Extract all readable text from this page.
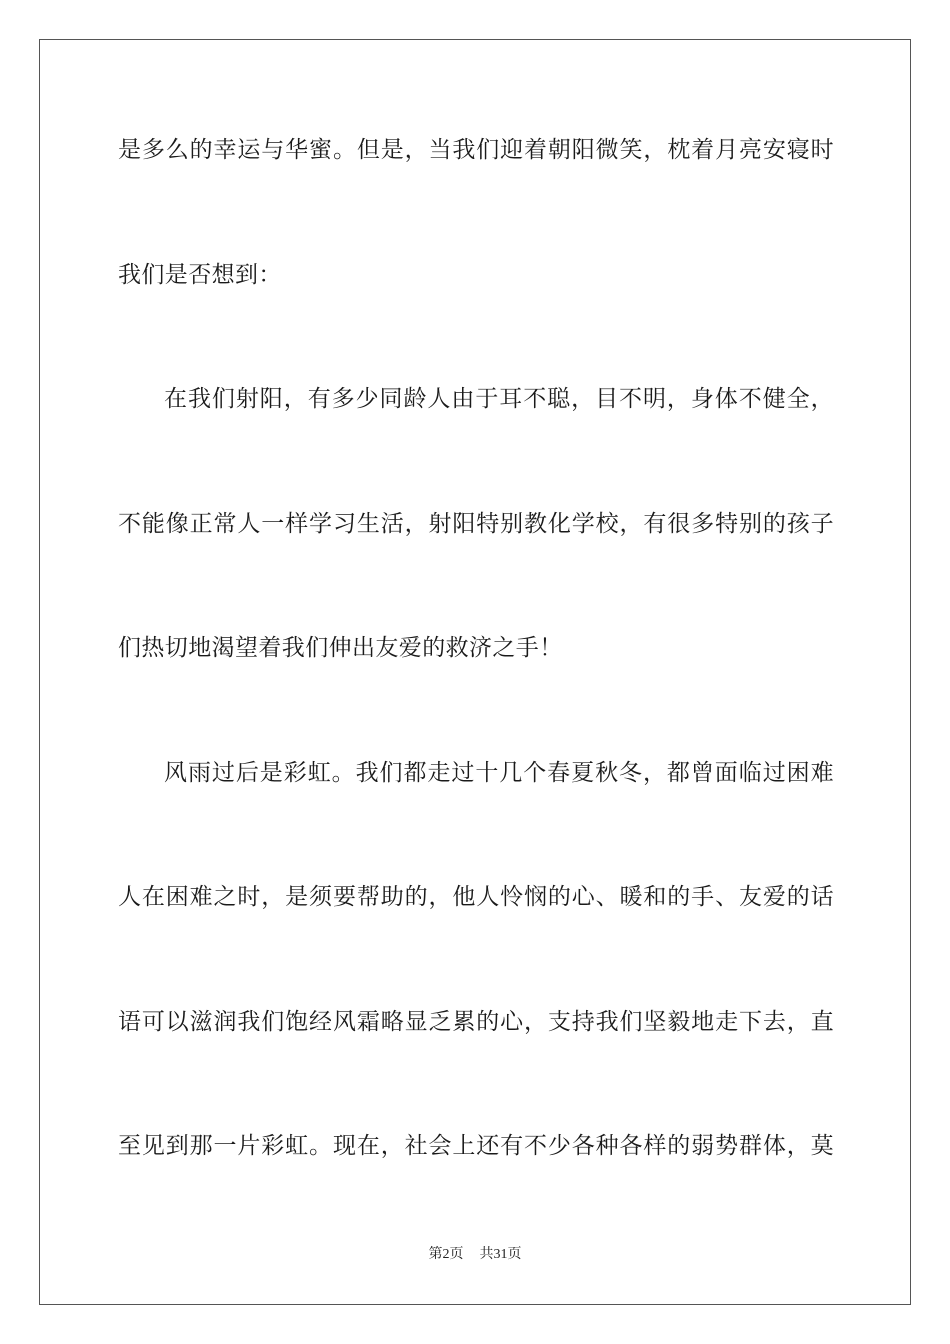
是多么的幸运与华蜜。但是，当我们迎着朝阳微笑，枕着月亮安寝时
我们是否想到：
在我们射阳，有多少同龄人由于耳不聪，目不明，身体不健全，
不能像正常人一样学习生活，射阳特别教化学校，有很多特别的孩子
们热切地渴望着我们伸出友爱的救济之手！
风雨过后是彩虹。我们都走过十几个春夏秋冬，都曾面临过困难
人在困难之时，是须要帮助的，他人怜悯的心、暖和的手、友爱的话
语可以滋润我们饱经风霜略显乏累的心，支持我们坚毅地走下去，直
至见到那一片彩虹。现在，社会上还有不少各种各样的弱势群体，莫
第2页 共31页
